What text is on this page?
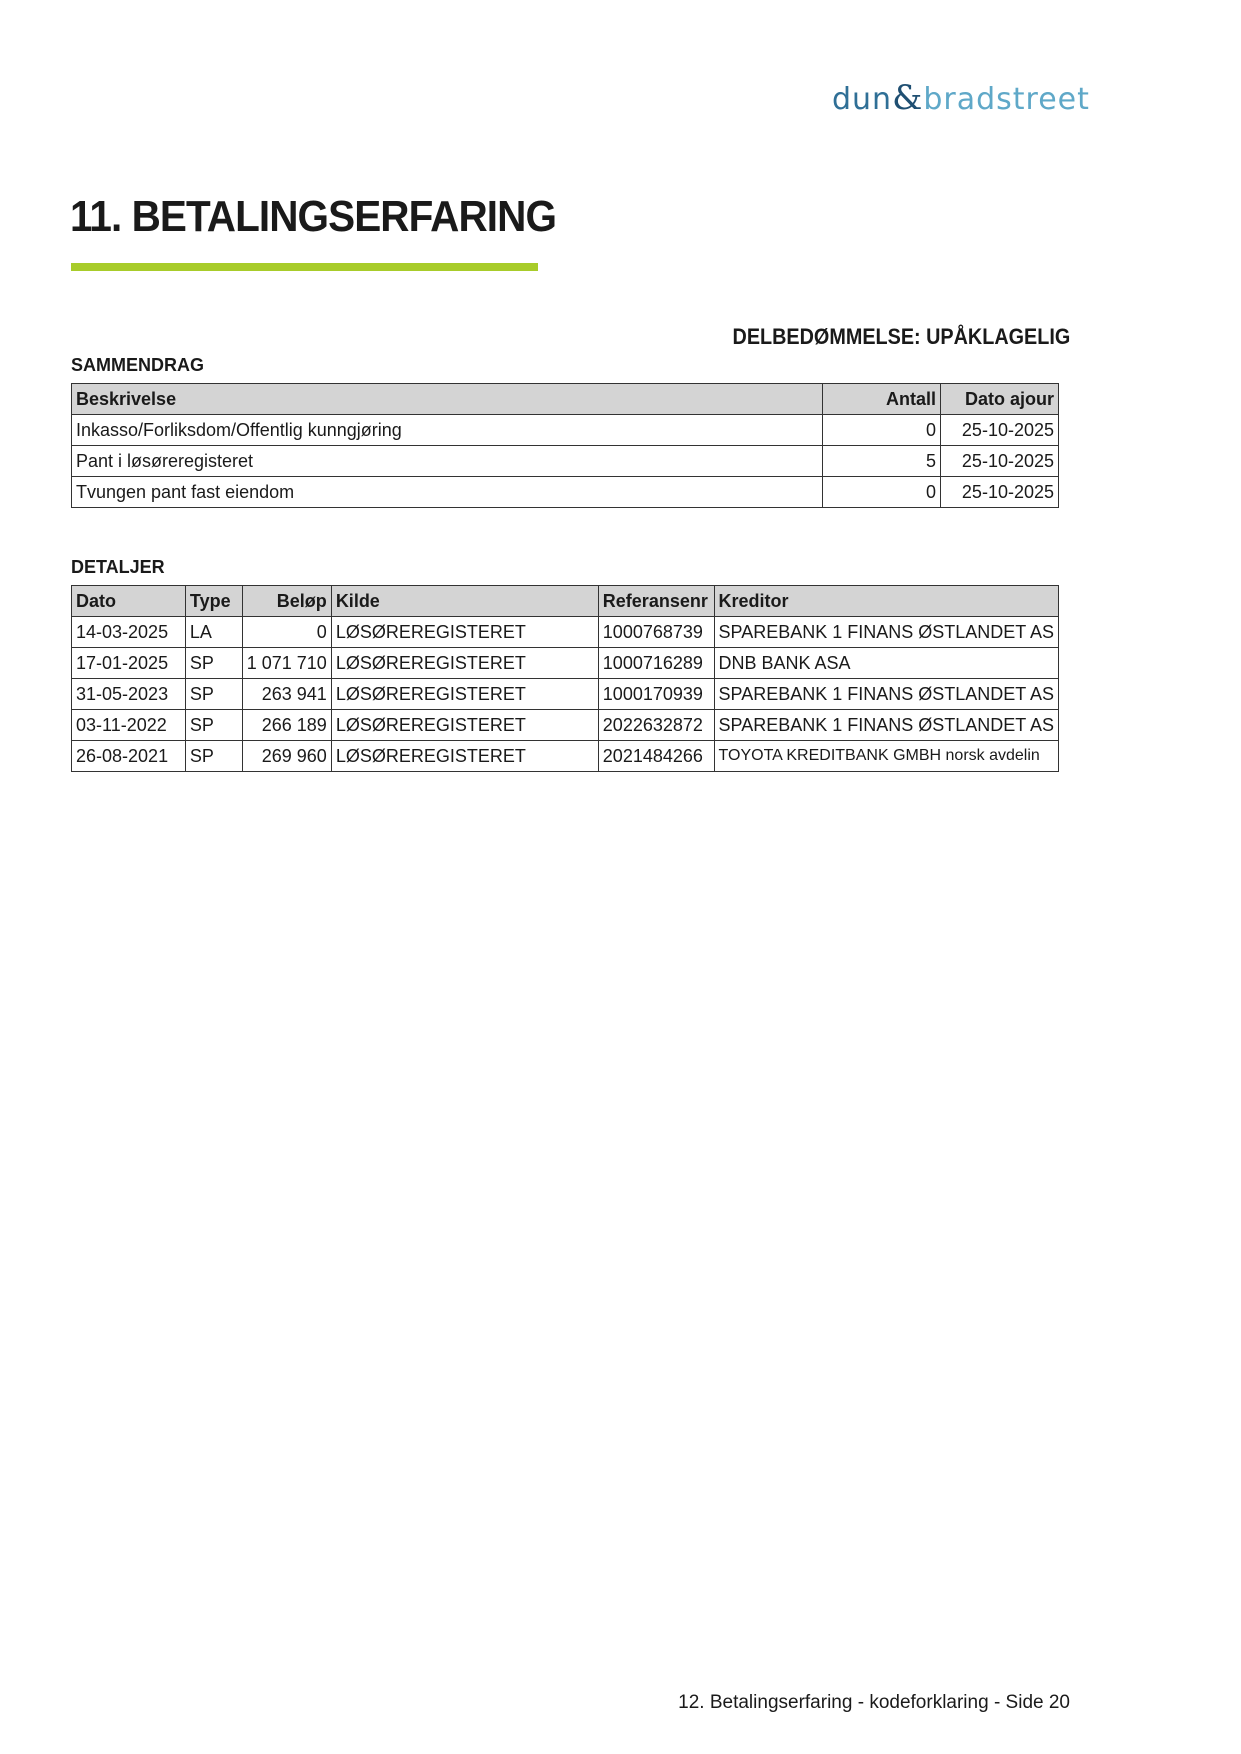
dun&bradstreet
11. BETALINGSERFARING
DELBEDØMMELSE: UPÅKLAGELIG
SAMMENDRAG
Beskrivelse	Antall	Dato ajour
Inkasso/Forliksdom/Offentlig kunngjøring	0	25-10-2025
Pant i løsøreregisteret	5	25-10-2025
Tvungen pant fast eiendom	0	25-10-2025
DETALJER
Dato	Type	Beløp	Kilde	Referansenr	Kreditor
14-03-2025	LA	0	LØSØREREGISTERET	1000768739	SPAREBANK 1 FINANS ØSTLANDET AS
17-01-2025	SP	1 071 710	LØSØREREGISTERET	1000716289	DNB BANK ASA
31-05-2023	SP	263 941	LØSØREREGISTERET	1000170939	SPAREBANK 1 FINANS ØSTLANDET AS
03-11-2022	SP	266 189	LØSØREREGISTERET	2022632872	SPAREBANK 1 FINANS ØSTLANDET AS
26-08-2021	SP	269 960	LØSØREREGISTERET	2021484266	TOYOTA KREDITBANK GMBH norsk avdelin
12. Betalingserfaring - kodeforklaring - Side 20
